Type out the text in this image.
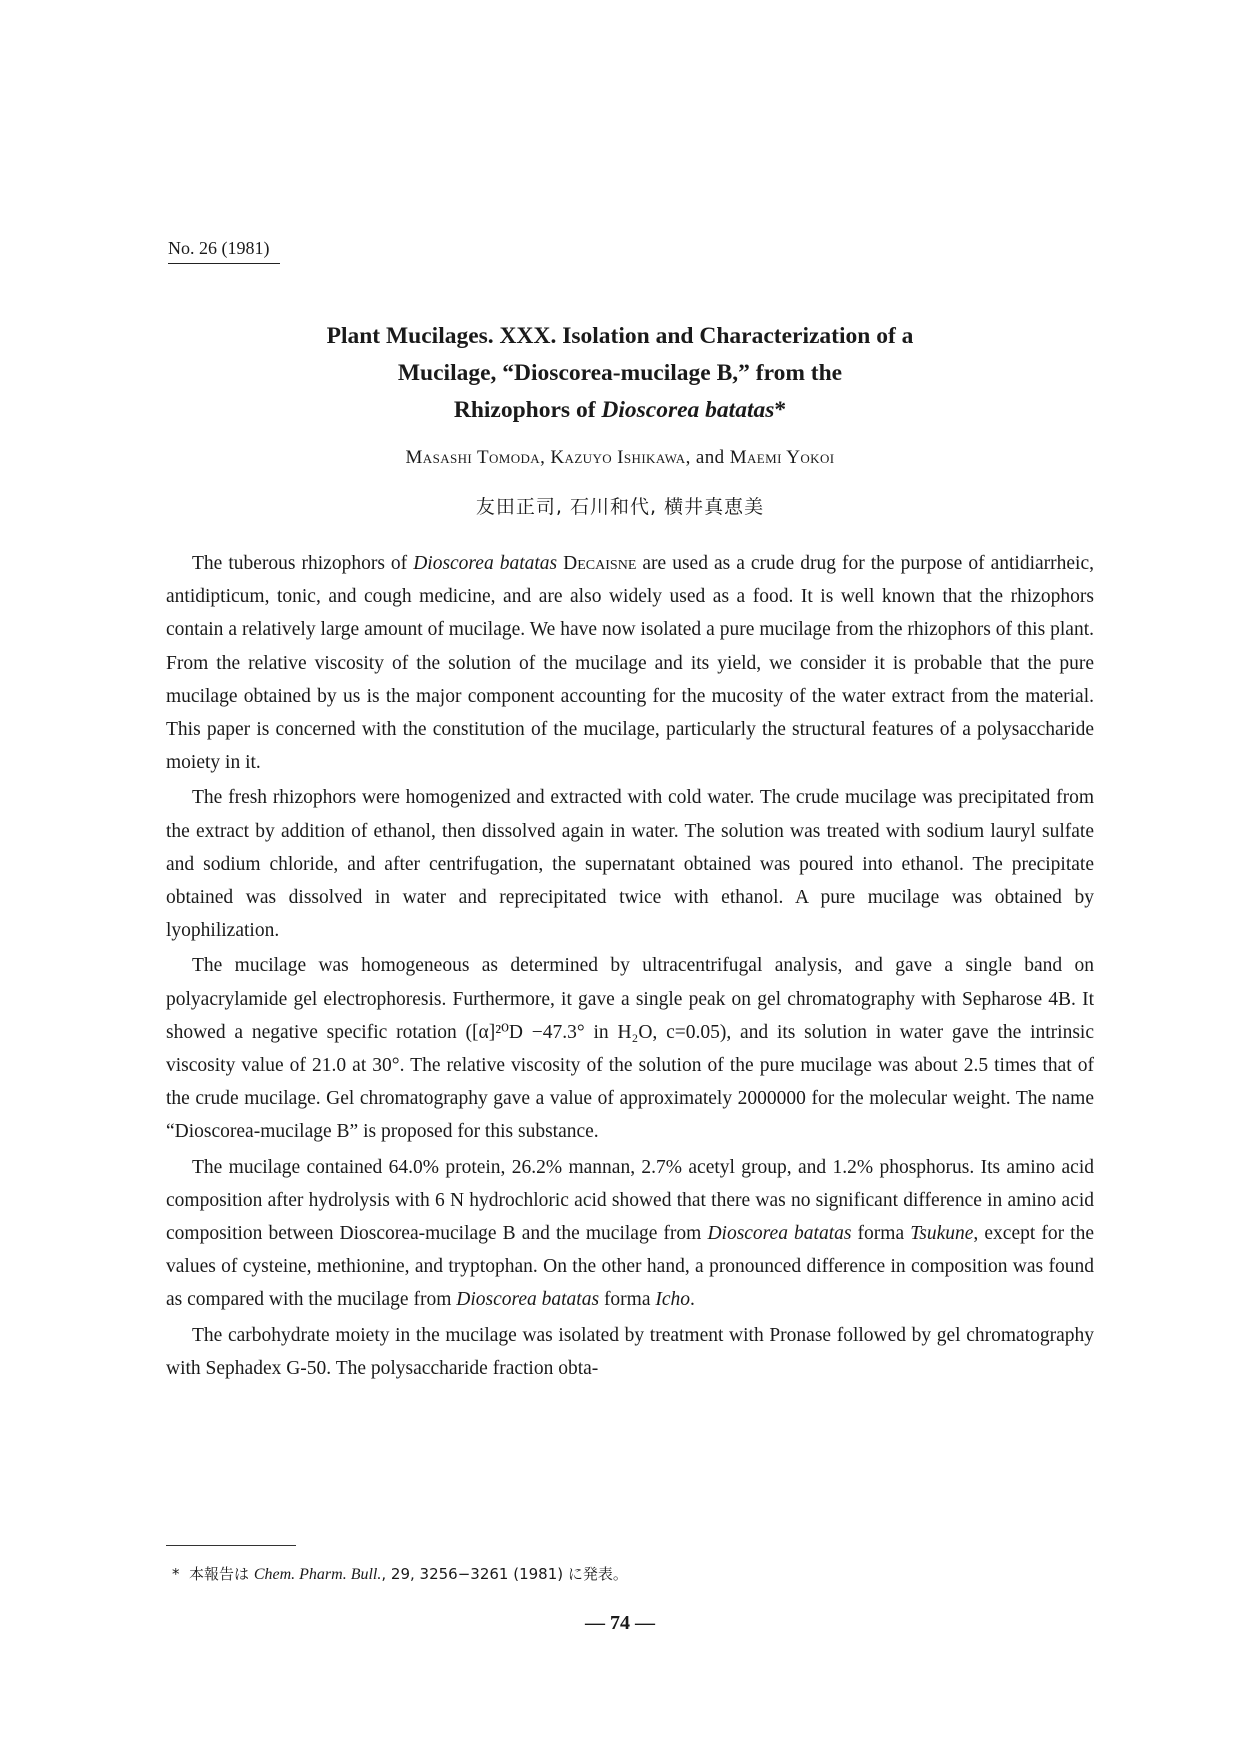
No. 26 (1981)
Plant Mucilages. XXX. Isolation and Characterization of a
Mucilage, “Dioscorea-mucilage B,” from the
Rhizophors of Dioscorea batatas*
Masashi Tomoda, Kazuyo Ishikawa, and Maemi Yokoi
友田正司, 石川和代, 横井真恵美

The tuberous rhizophors of Dioscorea batatas Decaisne are used as a crude drug for the purpose of antidiarrheic, antidipticum, tonic, and cough medicine, and are also widely used as a food. It is well known that the rhizophors contain a relatively large amount of mucilage. We have now isolated a pure mucilage from the rhizophors of this plant. From the relative viscosity of the solution of the mucilage and its yield, we consider it is probable that the pure mucilage obtained by us is the major component accounting for the mucosity of the water extract from the material. This paper is concerned with the constitution of the mucilage, particularly the structural features of a polysaccharide moiety in it.

The fresh rhizophors were homogenized and extracted with cold water. The crude mucilage was precipitated from the extract by addition of ethanol, then dissolved again in water. The solution was treated with sodium lauryl sulfate and sodium chloride, and after centrifugation, the supernatant obtained was poured into ethanol. The precipitate obtained was dissolved in water and reprecipitated twice with ethanol. A pure mucilage was obtained by lyophilization.

The mucilage was homogeneous as determined by ultracentrifugal analysis, and gave a single band on polyacrylamide gel electrophoresis. Furthermore, it gave a single peak on gel chromatography with Sepharose 4B. It showed a negative specific rotation ([α]²⁰D −47.3° in H₂O, c=0.05), and its solution in water gave the intrinsic viscosity value of 21.0 at 30°. The relative viscosity of the solution of the pure mucilage was about 2.5 times that of the crude mucilage. Gel chromatography gave a value of approximately 2000000 for the molecular weight. The name “Dioscorea-mucilage B” is proposed for this substance.

The mucilage contained 64.0% protein, 26.2% mannan, 2.7% acetyl group, and 1.2% phosphorus. Its amino acid composition after hydrolysis with 6 N hydrochloric acid showed that there was no significant difference in amino acid composition between Dioscorea-mucilage B and the mucilage from Dioscorea batatas forma Tsukune, except for the values of cysteine, methionine, and tryptophan. On the other hand, a pronounced difference in composition was found as compared with the mucilage from Dioscorea batatas forma Icho.

The carbohydrate moiety in the mucilage was isolated by treatment with Pronase followed by gel chromatography with Sephadex G-50. The polysaccharide fraction obta-

* 本報告は Chem. Pharm. Bull., 29, 3256−3261 (1981) に発表。
— 74 —
